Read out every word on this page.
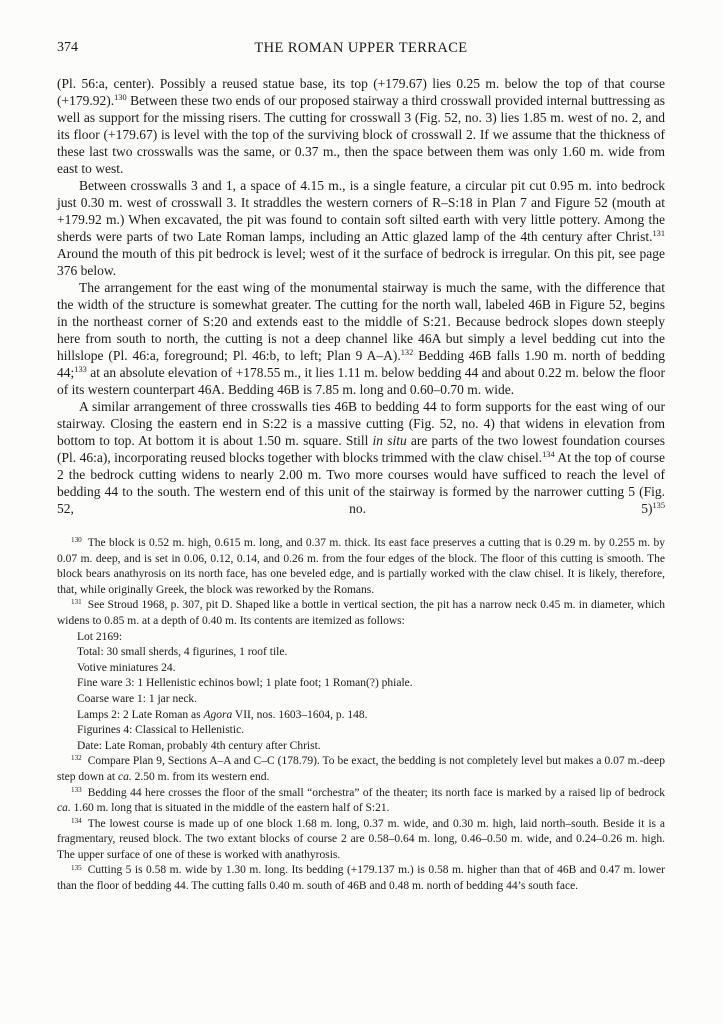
374	THE ROMAN UPPER TERRACE

(Pl. 56:a, center). Possibly a reused statue base, its top (+179.67) lies 0.25 m. below the top of that course (+179.92).$^{130}$ Between these two ends of our proposed stairway a third crosswall provided internal buttressing as well as support for the missing risers. The cutting for crosswall 3 (Fig. 52, no. 3) lies 1.85 m. west of no. 2, and its floor (+179.67) is level with the top of the surviving block of crosswall 2. If we assume that the thickness of these last two crosswalls was the same, or 0.37 m., then the space between them was only 1.60 m. wide from east to west.

Between crosswalls 3 and 1, a space of 4.15 m., is a single feature, a circular pit cut 0.95 m. into bedrock just 0.30 m. west of crosswall 3. It straddles the western corners of R–S:18 in Plan 7 and Figure 52 (mouth at +179.92 m.) When excavated, the pit was found to contain soft silted earth with very little pottery. Among the sherds were parts of two Late Roman lamps, including an Attic glazed lamp of the 4th century after Christ.$^{131}$ Around the mouth of this pit bedrock is level; west of it the surface of bedrock is irregular. On this pit, see page 376 below.

The arrangement for the east wing of the monumental stairway is much the same, with the difference that the width of the structure is somewhat greater. The cutting for the north wall, labeled 46B in Figure 52, begins in the northeast corner of S:20 and extends east to the middle of S:21. Because bedrock slopes down steeply here from south to north, the cutting is not a deep channel like 46A but simply a level bedding cut into the hillslope (Pl. 46:a, foreground; Pl. 46:b, to left; Plan 9 A–A).$^{132}$ Bedding 46B falls 1.90 m. north of bedding 44;$^{133}$ at an absolute elevation of +178.55 m., it lies 1.11 m. below bedding 44 and about 0.22 m. below the floor of its western counterpart 46A. Bedding 46B is 7.85 m. long and 0.60–0.70 m. wide.

A similar arrangement of three crosswalls ties 46B to bedding 44 to form supports for the east wing of our stairway. Closing the eastern end in S:22 is a massive cutting (Fig. 52, no. 4) that widens in elevation from bottom to top. At bottom it is about 1.50 m. square. Still in situ are parts of the two lowest foundation courses (Pl. 46:a), incorporating reused blocks together with blocks trimmed with the claw chisel.$^{134}$ At the top of course 2 the bedrock cutting widens to nearly 2.00 m. Two more courses would have sufficed to reach the level of bedding 44 to the south. The western end of this unit of the stairway is formed by the narrower cutting 5 (Fig. 52, no. 5)$^{135}$

$^{130}$ The block is 0.52 m. high, 0.615 m. long, and 0.37 m. thick. Its east face preserves a cutting that is 0.29 m. by 0.255 m. by 0.07 m. deep, and is set in 0.06, 0.12, 0.14, and 0.26 m. from the four edges of the block. The floor of this cutting is smooth. The block bears anathyrosis on its north face, has one beveled edge, and is partially worked with the claw chisel. It is likely, therefore, that, while originally Greek, the block was reworked by the Romans.

$^{131}$ See Stroud 1968, p. 307, pit D. Shaped like a bottle in vertical section, the pit has a narrow neck 0.45 m. in diameter, which widens to 0.85 m. at a depth of 0.40 m. Its contents are itemized as follows:

Lot 2169:
Total: 30 small sherds, 4 figurines, 1 roof tile.
Votive miniatures 24.
Fine ware 3: 1 Hellenistic echinos bowl; 1 plate foot; 1 Roman(?) phiale.
Coarse ware 1: 1 jar neck.
Lamps 2: 2 Late Roman as Agora VII, nos. 1603–1604, p. 148.
Figurines 4: Classical to Hellenistic.
Date: Late Roman, probably 4th century after Christ.

$^{132}$ Compare Plan 9, Sections A–A and C–C (178.79). To be exact, the bedding is not completely level but makes a 0.07 m.-deep step down at ca. 2.50 m. from its western end.

$^{133}$ Bedding 44 here crosses the floor of the small “orchestra” of the theater; its north face is marked by a raised lip of bedrock ca. 1.60 m. long that is situated in the middle of the eastern half of S:21.

$^{134}$ The lowest course is made up of one block 1.68 m. long, 0.37 m. wide, and 0.30 m. high, laid north–south. Beside it is a fragmentary, reused block. The two extant blocks of course 2 are 0.58–0.64 m. long, 0.46–0.50 m. wide, and 0.24–0.26 m. high. The upper surface of one of these is worked with anathyrosis.

$^{135}$ Cutting 5 is 0.58 m. wide by 1.30 m. long. Its bedding (+179.137 m.) is 0.58 m. higher than that of 46B and 0.47 m. lower than the floor of bedding 44. The cutting falls 0.40 m. south of 46B and 0.48 m. north of bedding 44’s south face.
